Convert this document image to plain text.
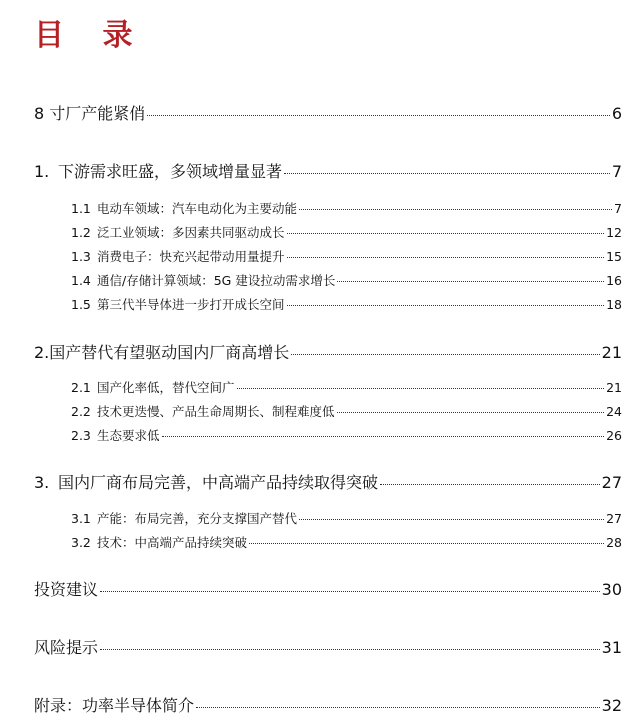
目 录
8 寸厂产能紧俏	6
1. 下游需求旺盛，多领域增量显著	7
1.1 电动车领域：汽车电动化为主要动能	7
1.2 泛工业领域：多因素共同驱动成长	12
1.3 消费电子：快充兴起带动用量提升	15
1.4 通信/存储计算领域：5G 建设拉动需求增长	16
1.5 第三代半导体进一步打开成长空间	18
2. 国产替代有望驱动国内厂商高增长	21
2.1 国产化率低，替代空间广	21
2.2 技术更迭慢、产品生命周期长、制程难度低	24
2.3 生态要求低	26
3. 国内厂商布局完善，中高端产品持续取得突破	27
3.1 产能：布局完善，充分支撑国产替代	27
3.2 技术：中高端产品持续突破	28
投资建议	30
风险提示	31
附录：功率半导体简介	32
